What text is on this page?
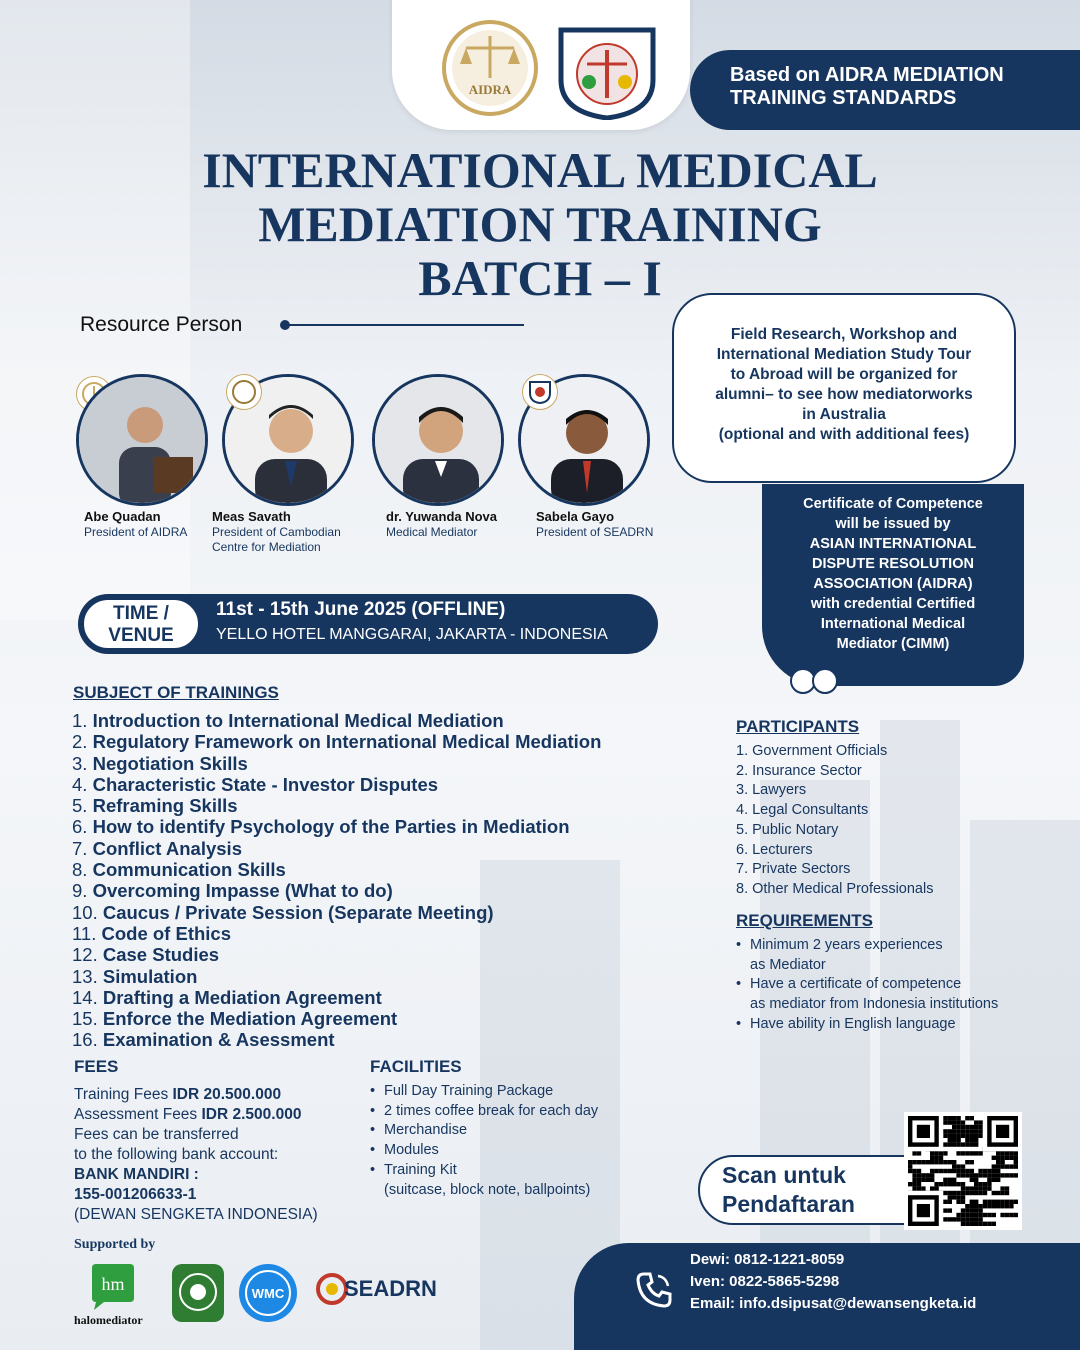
AIDRA
Based on AIDRA MEDIATION
TRAINING STANDARDS
INTERNATIONAL MEDICAL
MEDIATION TRAINING
BATCH – I
Resource Person
Abe Quadan
President of AIDRA
Meas Savath
President of Cambodian
Centre for Mediation
dr. Yuwanda Nova
Medical Mediator
Sabela Gayo
President of SEADRN
Field Research, Workshop and
International Mediation Study Tour
to Abroad will be organized for
alumni– to see how mediatorworks
in Australia
(optional and with additional fees)
Certificate of Competence
will be issued by
ASIAN INTERNATIONAL
DISPUTE RESOLUTION
ASSOCIATION (AIDRA)
with credential Certified
International Medical
Mediator (CIMM)
TIME /
VENUE
11st - 15th June 2025 (OFFLINE)
YELLO HOTEL MANGGARAI, JAKARTA - INDONESIA
SUBJECT OF TRAININGS
1. Introduction to International Medical Mediation
2. Regulatory Framework on International Medical Mediation
3. Negotiation Skills
4. Characteristic State - Investor Disputes
5. Reframing Skills
6. How to identify Psychology of the Parties in Mediation
7. Conflict Analysis
8. Communication Skills
9. Overcoming Impasse (What to do)
10. Caucus / Private Session (Separate Meeting)
11. Code of Ethics
12. Case Studies
13. Simulation
14. Drafting a Mediation Agreement
15. Enforce the Mediation Agreement
16. Examination & Asessment
PARTICIPANTS
1. Government Officials
2. Insurance Sector
3. Lawyers
4. Legal Consultants
5. Public Notary
6. Lecturers
7. Private Sectors
8. Other Medical Professionals
REQUIREMENTS
• Minimum 2 years experiences
as Mediator
• Have a certificate of competence
as mediator from Indonesia institutions
• Have ability in English language
FEES
Training Fees IDR 20.500.000
Assessment Fees IDR 2.500.000
Fees can be transferred
to the following bank account:
BANK MANDIRI :
155-001206633-1
(DEWAN SENGKETA INDONESIA)
FACILITIES
• Full Day Training Package
• 2 times coffee break for each day
• Merchandise
• Modules
• Training Kit
(suitcase, block note, ballpoints)
Scan untuk
Pendaftaran
Supported by
hm
halomediator
WMC	SEADRN
Dewi: 0812-1221-8059
Iven: 0822-5865-5298
Email: info.dsipusat@dewansengketa.id
